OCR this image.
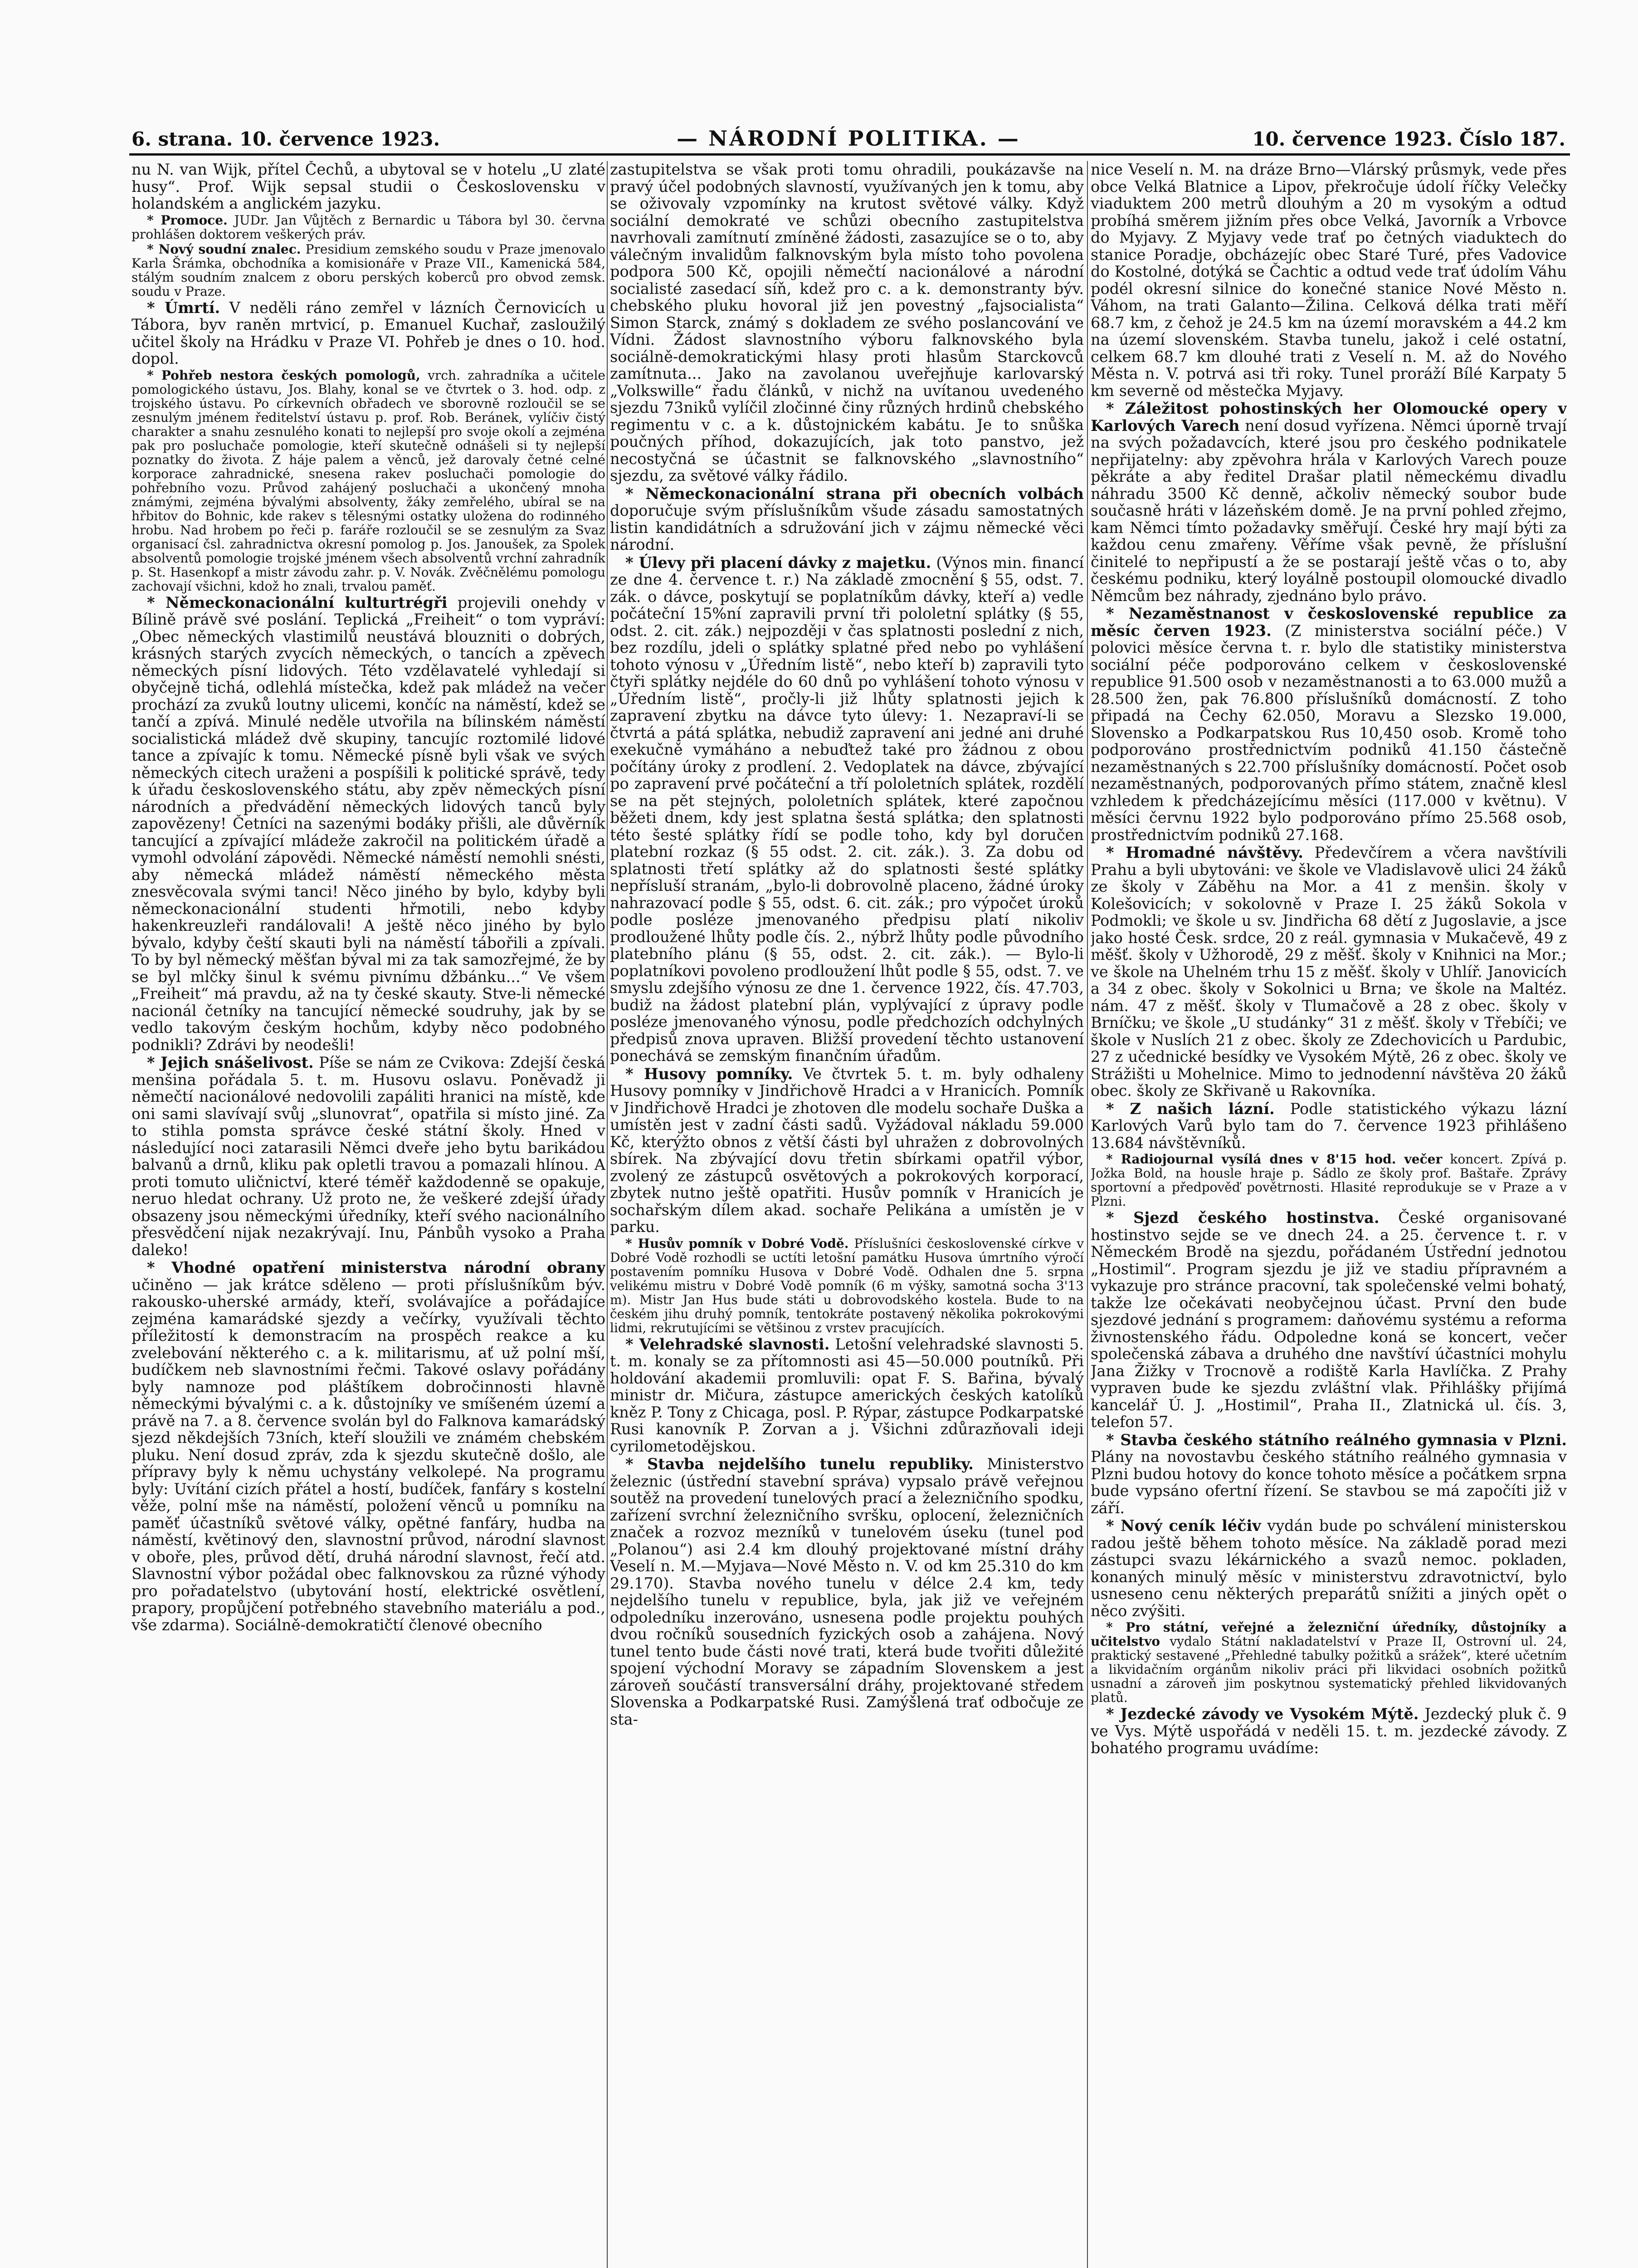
6. strana. 10. července 1923.	— NÁRODNÍ POLITIKA. —	10. července 1923. Číslo 187.

nu N. van Wijk, přítel Čechů, a ubytoval se v hotelu „U zlaté husy“. Prof. Wijk sepsal studii o Československu v holandském a anglickém jazyku.

* Promoce. JUDr. Jan Vůjtěch z Bernardic u Tábora byl 30. června prohlášen doktorem veškerých práv.

* Nový soudní znalec. Presidium zemského soudu v Praze jmenovalo Karla Šrámka, obchodníka a komisionáře v Praze VII., Kamenická 584, stálým soudním znalcem z oboru perských koberců pro obvod zemsk. soudu v Praze.

* Úmrtí. V neděli ráno zemřel v lázních Černovicích u Tábora, byv raněn mrtvicí, p. Emanuel Kuchař, zasloužilý učitel školy na Hrádku v Praze VI. Pohřeb je dnes o 10. hod. dopol.

* Pohřeb nestora českých pomologů, vrch. zahradníka a učitele pomologického ústavu, Jos. Blahy, konal se ve čtvrtek o 3. hod. odp. z trojského ústavu. Po církevních obřadech ve sborovně rozloučil se se zesnulým jménem ředitelství ústavu p. prof. Rob. Beránek, vylíčiv čistý charakter a snahu zesnulého konati to nejlepší pro svoje okolí a zejména pak pro posluchače pomologie, kteří skutečně odnášeli si ty nejlepší poznatky do života. Z háje palem a věnců, jež darovaly četné celné korporace zahradnické, snesena rakev posluchači pomologie do pohřebního vozu. Průvod zahájený posluchači a ukončený mnoha známými, zejména bývalými absolventy, žáky zemřelého, ubíral se na hřbitov do Bohnic, kde rakev s tělesnými ostatky uložena do rodinného hrobu. Nad hrobem po řeči p. faráře rozloučil se se zesnulým za Svaz organisací čsl. zahradnictva okresní pomolog p. Jos. Janoušek, za Spolek absolventů pomologie trojské jménem všech absolventů vrchní zahradník p. St. Hasenkopf a mistr závodu zahr. p. V. Novák. Zvěčnělému pomologu zachovají všichni, kdož ho znali, trvalou paměť.

* Německonacionální kulturtrégři projevili onehdy v Bílině právě své poslání. Teplická „Freiheit“ o tom vypráví: „Obec německých vlastimilů neustává blouzniti o dobrých, krásných starých zvycích německých, o tancích a zpěvech německých písní lidových. Této vzdělavatelé vyhledají si obyčejně tichá, odlehlá místečka, kdež pak mládež na večer prochází za zvuků loutny ulicemi, končíc na náměstí, kdež se tančí a zpívá. Minulé neděle utvořila na bílinském náměstí socialistická mládež dvě skupiny, tancujíc roztomilé lidové tance a zpívajíc k tomu. Německé písně byli však ve svých německých citech uraženi a pospíšili k politické správě, tedy k úřadu československého státu, aby zpěv německých písní národních a předvádění německých lidových tanců byly zapovězeny! Četníci na sazenými bodáky přišli, ale důvěrník tancující a zpívající mládeže zakročil na politickém úřadě a vymohl odvolání zápovědi. Německé náměstí nemohli snésti, aby německá mládež náměstí německého města znesvěcovala svými tanci! Něco jiného by bylo, kdyby byli německonacionální studenti hřmotili, nebo kdyby hakenkreuzleři randálovali! A ještě něco jiného by bylo bývalo, kdyby čeští skauti byli na náměstí tábořili a zpívali. To by byl německý měšťan býval mi za tak samozřejmé, že by se byl mlčky šinul k svému pivnímu džbánku...“ Ve všem „Freiheit“ má pravdu, až na ty české skauty. Stve-li německé nacionál četníky na tancující německé soudruhy, jak by se vedlo takovým českým hochům, kdyby něco podobného podnikli? Zdrávi by neodešli!

* Jejich snášelivost. Píše se nám ze Cvikova: Zdejší česká menšina pořádala 5. t. m. Husovu oslavu. Poněvadž ji němečtí nacionálové nedovolili zapáliti hranici na místě, kde oni sami slavívají svůj „slunovrat“, opatřila si místo jiné. Za to stihla pomsta správce české státní školy. Hned v následující noci zatarasili Němci dveře jeho bytu barikádou balvanů a drnů, kliku pak opletli travou a pomazali hlínou. A proti tomuto uličnictví, které téměř každodenně se opakuje, neruo hledat ochrany. Už proto ne, že veškeré zdejší úřady obsazeny jsou německými úředníky, kteří svého nacionálního přesvědčení nijak nezakrývají. Inu, Pánbůh vysoko a Praha daleko!

* Vhodné opatření ministerstva národní obrany učiněno — jak krátce sděleno — proti příslušníkům býv. rakousko-uherské armády, kteří, svolávajíce a pořádajíce zejména kamarádské sjezdy a večírky, využívali těchto příležitostí k demonstracím na prospěch reakce a ku zvelebování některého c. a k. militarismu, ať už polní mší, budíčkem neb slavnostními řečmi. Takové oslavy pořádány byly namnoze pod pláštíkem dobročinnosti hlavně německými bývalými c. a k. důstojníky ve smíšeném území a právě na 7. a 8. července svolán byl do Falknova kamarádský sjezd někdejších 73ních, kteří sloužili ve známém chebském pluku. Není dosud zpráv, zda k sjezdu skutečně došlo, ale přípravy byly k němu uchystány velkolepé. Na programu byly: Uvítání cizích přátel a hostí, budíček, fanfáry s kostelní věže, polní mše na náměstí, položení věnců u pomníku na paměť účastníků světové války, opětné fanfáry, hudba na náměstí, květinový den, slavnostní průvod, národní slavnost v oboře, ples, průvod dětí, druhá národní slavnost, řečí atd. Slavnostní výbor požádal obec falknovskou za různé výhody pro pořadatelstvo (ubytování hostí, elektrické osvětlení, prapory, propůjčení potřebného stavebního materiálu a pod., vše zdarma). Sociálně-demokratičtí členové obecního

zastupitelstva se však proti tomu ohradili, poukázavše na pravý účel podobných slavností, využívaných jen k tomu, aby se oživovaly vzpomínky na krutost světové války. Když sociální demokraté ve schůzi obecního zastupitelstva navrhovali zamítnutí zmíněné žádosti, zasazujíce se o to, aby válečným invalidům falknovským byla místo toho povolena podpora 500 Kč, opojili němečtí nacionálové a národní socialisté zasedací síň, kdež pro c. a k. demonstranty býv. chebského pluku hovoral již jen povestný „fajsocialista“ Simon Starck, známý s dokladem ze svého poslancování ve Vídni. Žádost slavnostního výboru falknovského byla sociálně-demokratickými hlasy proti hlasům Starckovců zamítnuta... Jako na zavolanou uveřejňuje karlovarský „Volkswille“ řadu článků, v nichž na uvítanou uvedeného sjezdu 73niků vylíčil zločinné činy různých hrdinů chebského regimentu v c. a k. důstojnickém kabátu. Je to snůška poučných příhod, dokazujících, jak toto panstvo, jež necostyčná se účastnit se falknovského „slavnostního“ sjezdu, za světové války řádilo.

* Německonacionální strana při obecních volbách doporučuje svým příslušníkům všude zásadu samostatných listin kandidátních a sdružování jich v zájmu německé věci národní.

* Úlevy při placení dávky z majetku. (Výnos min. financí ze dne 4. července t. r.) Na základě zmocnění § 55, odst. 7. zák. o dávce, poskytují se poplatníkům dávky, kteří a) vedle počáteční 15%ní zapravili první tři pololetní splátky (§ 55, odst. 2. cit. zák.) nejpozději v čas splatnosti poslední z nich, bez rozdílu, jdeli o splátky splatné před nebo po vyhlášení tohoto výnosu v „Úředním listě“, nebo kteří b) zapravili tyto čtyři splátky nejdéle do 60 dnů po vyhlášení tohoto výnosu v „Úředním listě“, pročly-li již lhůty splatnosti jejich k zapravení zbytku na dávce tyto úlevy: 1. Nezapraví-li se čtvrtá a pátá splátka, nebudiž zapravení ani jedné ani druhé exekučně vymáháno a nebuďtež také pro žádnou z obou počítány úroky z prodlení. 2. Vedoplatek na dávce, zbývající po zapravení prvé počáteční a tří pololetních splátek, rozdělí se na pět stejných, pololetních splátek, které započnou běžeti dnem, kdy jest splatna šestá splátka; den splatnosti této šesté splátky řídí se podle toho, kdy byl doručen platební rozkaz (§ 55 odst. 2. cit. zák.). 3. Za dobu od splatnosti třetí splátky až do splatnosti šesté splátky nepřísluší stranám, „bylo-li dobrovolně placeno, žádné úroky nahrazovací podle § 55, odst. 6. cit. zák.; pro výpočet úroků podle posléze jmenovaného předpisu platí nikoliv prodloužené lhůty podle čís. 2., nýbrž lhůty podle původního platebního plánu (§ 55, odst. 2. cit. zák.). — Bylo-li poplatníkovi povoleno prodloužení lhůt podle § 55, odst. 7. ve smyslu zdejšího výnosu ze dne 1. července 1922, čís. 47.703, budiž na žádost platební plán, vyplývající z úpravy podle posléze jmenovaného výnosu, podle předchozích odchylných předpisů znova upraven. Bližší provedení těchto ustanovení ponechává se zemským finančním úřadům.

* Husovy pomníky. Ve čtvrtek 5. t. m. byly odhaleny Husovy pomníky v Jindřichově Hradci a v Hranicích. Pomník v Jindřichově Hradci je zhotoven dle modelu sochaře Duška a umístěn jest v zadní části sadů. Vyžádoval nákladu 59.000 Kč, kterýžto obnos z větší části byl uhražen z dobrovolných sbírek. Na zbývající dovu třetin sbírkami opatřil výbor, zvolený ze zástupců osvětových a pokrokových korporací, zbytek nutno ještě opatřiti. Husův pomník v Hranicích je sochařským dílem akad. sochaře Pelikána a umístěn je v parku.

* Husův pomník v Dobré Vodě. Příslušníci československé církve v Dobré Vodě rozhodli se uctíti letošní památku Husova úmrtního výročí postavením pomníku Husova v Dobré Vodě. Odhalen dne 5. srpna velikému mistru v Dobré Vodě pomník (6 m výšky, samotná socha 3'13 m). Mistr Jan Hus bude státi u dobrovodského kostela. Bude to na českém jihu druhý pomník, tentokráte postavený několika pokrokovými lidmi, rekrutujícími se většinou z vrstev pracujících.

* Velehradské slavnosti. Letošní velehradské slavnosti 5. t. m. konaly se za přítomnosti asi 45—50.000 poutníků. Při holdování akademii promluvili: opat F. S. Bařina, bývalý ministr dr. Mičura, zástupce amerických českých katolíků kněz P. Tony z Chicaga, posl. P. Rýpar, zástupce Podkarpatské Rusi kanovník P. Zorvan a j. Všichni zdůrazňovali ideji cyrilometodějskou.

* Stavba nejdelšího tunelu republiky. Ministerstvo železnic (ústřední stavební správa) vypsalo právě veřejnou soutěž na provedení tunelových prací a železničního spodku, zařízení svrchní železničního svršku, oplocení, železničních značek a rozvoz mezníků v tunelovém úseku (tunel pod „Polanou“) asi 2.4 km dlouhý projektované místní dráhy Veselí n. M.—Myjava—Nové Město n. V. od km 25.310 do km 29.170). Stavba nového tunelu v délce 2.4 km, tedy nejdelšího tunelu v republice, byla, jak již ve veřejném odpoledníku inzerováno, usnesena podle projektu pouhých dvou ročníků sousedních fyzických osob a zahájena. Nový tunel tento bude části nové trati, která bude tvořiti důležité spojení východní Moravy se západním Slovenskem a jest zároveň součástí transversální dráhy, projektované středem Slovenska a Podkarpatské Rusi. Zamýšlená trať odbočuje ze sta-

nice Veselí n. M. na dráze Brno—Vlárský průsmyk, vede přes obce Velká Blatnice a Lipov, překročuje údolí říčky Velečky viaduktem 200 metrů dlouhým a 20 m vysokým a odtud probíhá směrem jižním přes obce Velká, Javorník a Vrbovce do Myjavy. Z Myjavy vede trať po četných viaduktech do stanice Poradje, obcházejíc obec Staré Turé, přes Vadovice do Kostolné, dotýká se Čachtic a odtud vede trať údolím Váhu podél okresní silnice do konečné stanice Nové Město n. Váhom, na trati Galanto—Žilina. Celková délka trati měří 68.7 km, z čehož je 24.5 km na území moravském a 44.2 km na území slovenském. Stavba tunelu, jakož i celé ostatní, celkem 68.7 km dlouhé trati z Veselí n. M. až do Nového Města n. V. potrvá asi tři roky. Tunel proráží Bílé Karpaty 5 km severně od městečka Myjavy.

* Záležitost pohostinských her Olomoucké opery v Karlových Varech není dosud vyřízena. Němci úporně trvají na svých požadavcích, které jsou pro českého podnikatele nepřijatelny: aby zpěvohra hrála v Karlových Varech pouze pěkráte a aby ředitel Drašar platil německému divadlu náhradu 3500 Kč denně, ačkoliv německý soubor bude současně hráti v lázeňském domě. Je na první pohled zřejmo, kam Němci tímto požadavky směřují. České hry mají býti za každou cenu zmařeny. Věříme však pevně, že příslušní činitelé to nepřipustí a že se postarají ještě včas o to, aby českému podniku, který loyálně postoupil olomoucké divadlo Němcům bez náhrady, zjednáno bylo právo.

* Nezaměstnanost v československé republice za měsíc červen 1923. (Z ministerstva sociální péče.) V polovici měsíce června t. r. bylo dle statistiky ministerstva sociální péče podporováno celkem v československé republice 91.500 osob v nezaměstnanosti a to 63.000 mužů a 28.500 žen, pak 76.800 příslušníků domácností. Z toho připadá na Čechy 62.050, Moravu a Slezsko 19.000, Slovensko a Podkarpatskou Rus 10,450 osob. Kromě toho podporováno prostřednictvím podniků 41.150 částečně nezaměstnaných s 22.700 příslušníky domácností. Počet osob nezaměstnaných, podporovaných přímo státem, značně klesl vzhledem k předcházejícímu měsíci (117.000 v květnu). V měsíci červnu 1922 bylo podporováno přímo 25.568 osob, prostřednictvím podniků 27.168.

* Hromadné návštěvy. Předevčírem a včera navštívili Prahu a byli ubytováni: ve škole ve Vladislavově ulici 24 žáků ze školy v Záběhu na Mor. a 41 z menšin. školy v Kolešovicích; v sokolovně v Praze I. 25 žáků Sokola v Podmokli; ve škole u sv. Jindřicha 68 dětí z Jugoslavie, a jsce jako hosté Česk. srdce, 20 z reál. gymnasia v Mukačevě, 49 z měšť. školy v Užhorodě, 29 z měšť. školy v Knihnici na Mor.; ve škole na Uhelném trhu 15 z měšť. školy v Uhlíř. Janovicích a 34 z obec. školy v Sokolnici u Brna; ve škole na Maltéz. nám. 47 z měšť. školy v Tlumačově a 28 z obec. školy v Brníčku; ve škole „U studánky“ 31 z měšť. školy v Třebíči; ve škole v Nuslích 21 z obec. školy ze Zdechovicích u Pardubic, 27 z učednické besídky ve Vysokém Mýtě, 26 z obec. školy ve Strážišti u Mohelnice. Mimo to jednodenní návštěva 20 žáků obec. školy ze Skřivaně u Rakovníka.

* Z našich lázní. Podle statistického výkazu lázní Karlových Varů bylo tam do 7. července 1923 přihlášeno 13.684 návštěvníků.

* Radiojournal vysílá dnes v 8'15 hod. večer koncert. Zpívá p. Jožka Bold, na housle hraje p. Sádlo ze školy prof. Baštaře. Zprávy sportovní a předpověď povětrnosti. Hlasité reprodukuje se v Praze a v Plzni.

* Sjezd českého hostinstva. České organisované hostinstvo sejde se ve dnech 24. a 25. července t. r. v Německém Brodě na sjezdu, pořádaném Ústřední jednotou „Hostimil“. Program sjezdu je již ve stadiu přípravném a vykazuje pro stránce pracovní, tak společenské velmi bohatý, takže lze očekávati neobyčejnou účast. První den bude sjezdové jednání s programem: daňovému systému a reforma živnostenského řádu. Odpoledne koná se koncert, večer společenská zábava a druhého dne navštíví účastníci mohylu Jana Žižky v Trocnově a rodiště Karla Havlíčka. Z Prahy vypraven bude ke sjezdu zvláštní vlak. Přihlášky přijímá kancelář Ú. J. „Hostimil“, Praha II., Zlatnická ul. čís. 3, telefon 57.

* Stavba českého státního reálného gymnasia v Plzni. Plány na novostavbu českého státního reálného gymnasia v Plzni budou hotovy do konce tohoto měsíce a počátkem srpna bude vypsáno ofertní řízení. Se stavbou se má započíti již v září.

* Nový ceník léčiv vydán bude po schválení ministerskou radou ještě během tohoto měsíce. Na základě porad mezi zástupci svazu lékárnického a svazů nemoc. pokladen, konaných minulý měsíc v ministerstvu zdravotnictví, bylo usneseno cenu některých preparátů snížiti a jiných opět o něco zvýšiti.

* Pro státní, veřejné a železniční úředníky, důstojníky a učitelstvo vydalo Státní nakladatelství v Praze II, Ostrovní ul. 24, praktický sestavené „Přehledné tabulky požitků a srážek“, které učetním a likvidačním orgánům nikoliv práci při likvidaci osobních požitků usnadní a zároveň jim poskytnou systematický přehled likvidovaných platů.

* Jezdecké závody ve Vysokém Mýtě. Jezdecký pluk č. 9 ve Vys. Mýtě uspořádá v neděli 15. t. m. jezdecké závody. Z bohatého programu uvádíme:
